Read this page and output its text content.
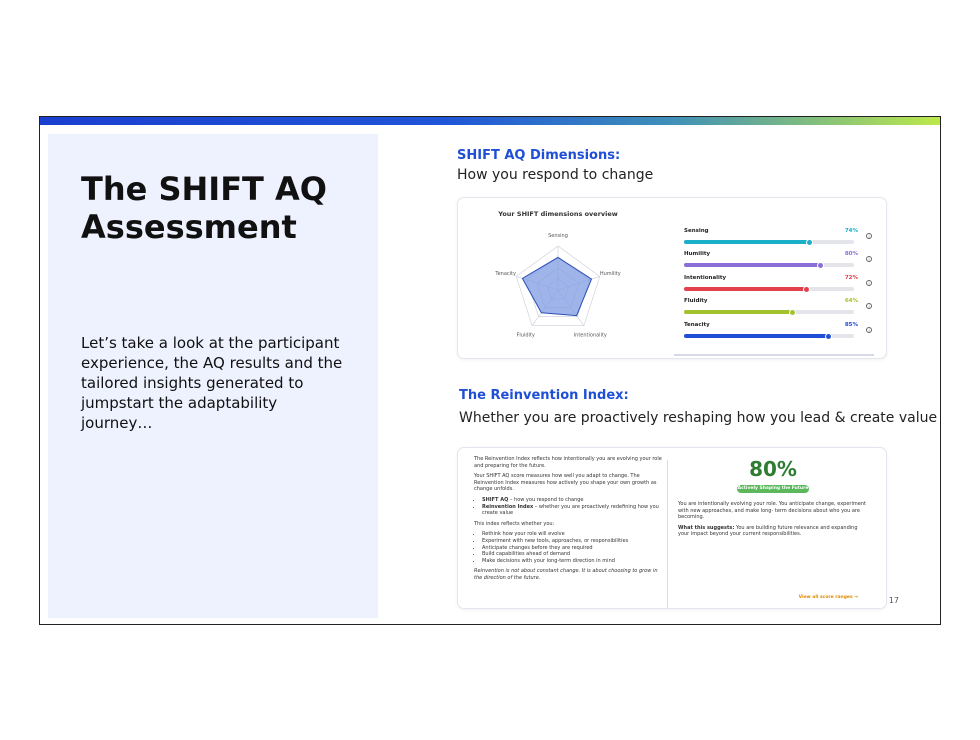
The SHIFT AQ Assessment

Let’s take a look at the participant experience, the AQ results and the tailored insights generated to jumpstart the adaptability journey…

SHIFT AQ Dimensions:

How you respond to change

Your SHIFT dimensions overview
Sensing
Humility
Intentionality
Fluidity
Tenacity
Sensing	74%
i
Humility	80%
i
Intentionality	72%
i
Fluidity	64%
i
Tenacity	85%
i

The Reinvention Index:

Whether you are proactively reshaping how you lead & create value

The Reinvention Index reflects how intentionally you are evolving your role and preparing for the future.

Your SHIFT AQ score measures how well you adapt to change. The Reinvention Index measures how actively you shape your own growth as change unfolds.

• SHIFT AQ – how you respond to change
• Reinvention Index – whether you are proactively redefining how you create value

This index reflects whether you:

• Rethink how your role will evolve
• Experiment with new tools, approaches, or responsibilities
• Anticipate changes before they are required
• Build capabilities ahead of demand
• Make decisions with your long-term direction in mind

Reinvention is not about constant change. It is about choosing to grow in the direction of the future.

80%
Actively Shaping the Future

You are intentionally evolving your role. You anticipate change, experiment with new approaches, and make long- term decisions about who you are becoming.

What this suggests: You are building future relevance and expanding your impact beyond your current responsibilities.

View all score ranges →	17
